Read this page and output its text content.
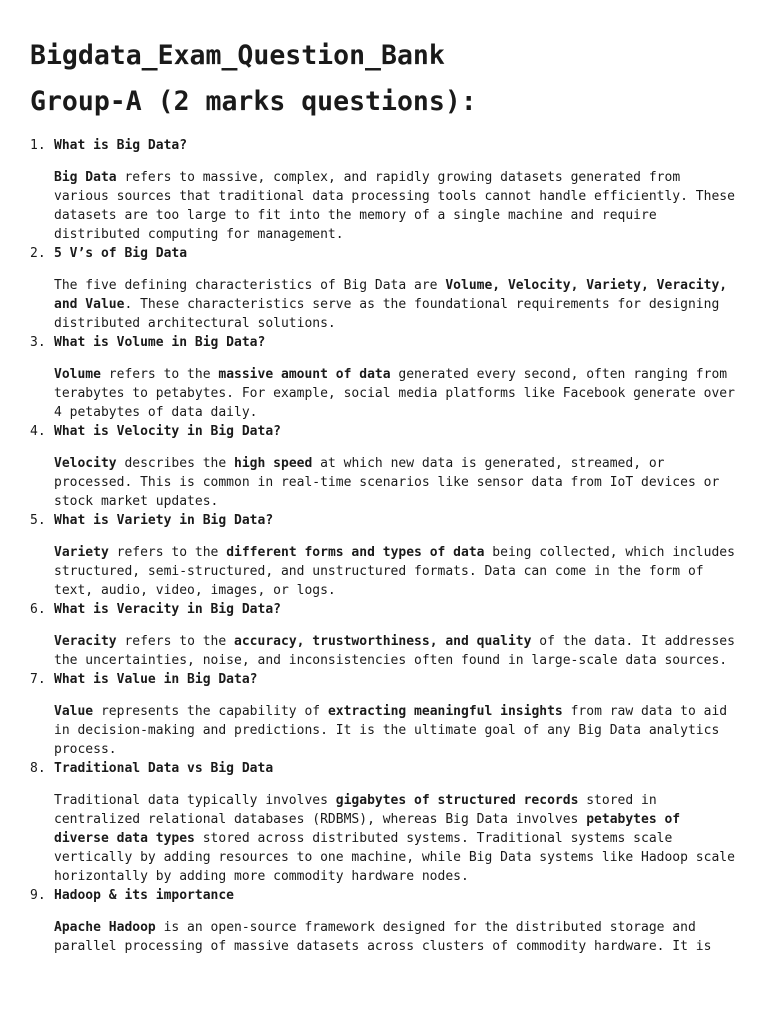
Bigdata_Exam_Question_Bank
Group-A (2 marks questions):
1. What is Big Data?
Big Data refers to massive, complex, and rapidly growing datasets generated from various sources that traditional data processing tools cannot handle efficiently. These datasets are too large to fit into the memory of a single machine and require distributed computing for management.
2. 5 V’s of Big Data
The five defining characteristics of Big Data are Volume, Velocity, Variety, Veracity, and Value. These characteristics serve as the foundational requirements for designing distributed architectural solutions.
3. What is Volume in Big Data?
Volume refers to the massive amount of data generated every second, often ranging from terabytes to petabytes. For example, social media platforms like Facebook generate over 4 petabytes of data daily.
4. What is Velocity in Big Data?
Velocity describes the high speed at which new data is generated, streamed, or processed. This is common in real-time scenarios like sensor data from IoT devices or stock market updates.
5. What is Variety in Big Data?
Variety refers to the different forms and types of data being collected, which includes structured, semi-structured, and unstructured formats. Data can come in the form of text, audio, video, images, or logs.
6. What is Veracity in Big Data?
Veracity refers to the accuracy, trustworthiness, and quality of the data. It addresses the uncertainties, noise, and inconsistencies often found in large-scale data sources.
7. What is Value in Big Data?
Value represents the capability of extracting meaningful insights from raw data to aid in decision-making and predictions. It is the ultimate goal of any Big Data analytics process.
8. Traditional Data vs Big Data
Traditional data typically involves gigabytes of structured records stored in centralized relational databases (RDBMS), whereas Big Data involves petabytes of diverse data types stored across distributed systems. Traditional systems scale vertically by adding resources to one machine, while Big Data systems like Hadoop scale horizontally by adding more commodity hardware nodes.
9. Hadoop & its importance
Apache Hadoop is an open-source framework designed for the distributed storage and parallel processing of massive datasets across clusters of commodity hardware. It is
